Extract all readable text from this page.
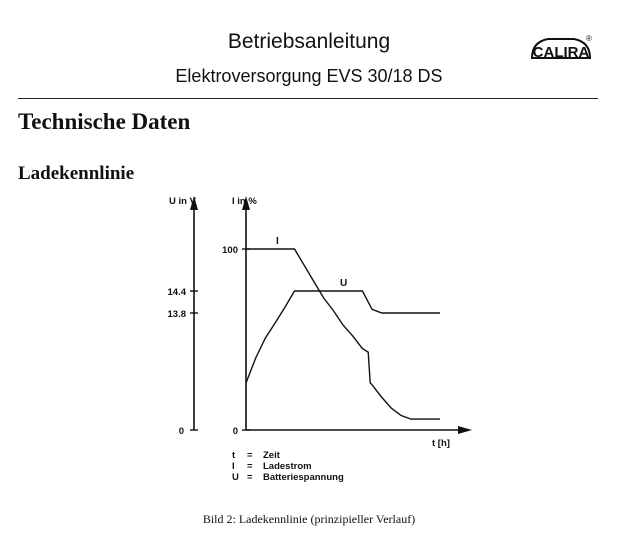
Betriebsanleitung
Elektroversorgung EVS 30/18 DS
CALIRA
®
Technische Daten
Ladekennlinie
U in V	I in %
14.4
13.8
0
100
0
t [h]
I
U
t = Zeit
I = Ladestrom
U = Batteriespannung
Bild 2: Ladekennlinie (prinzipieller Verlauf)
